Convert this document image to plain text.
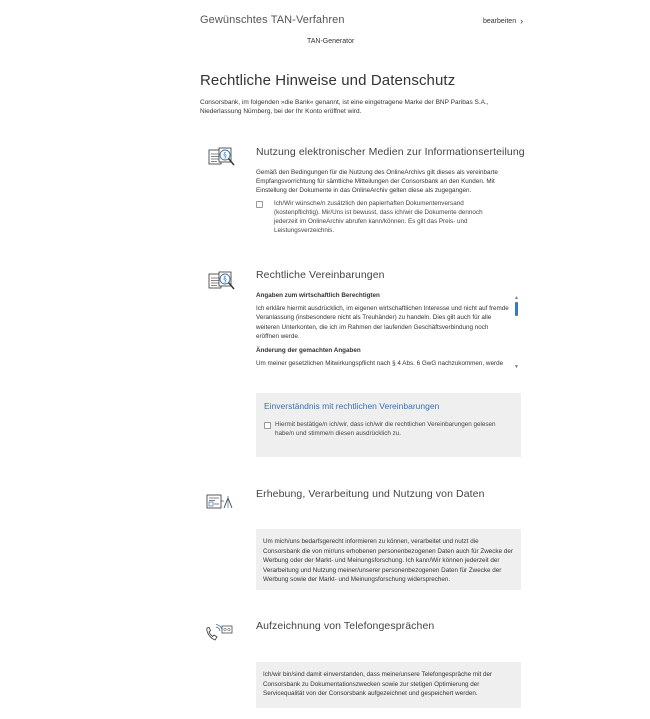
Gewünschtes TAN-Verfahren	bearbeiten ›
TAN-Generator
Rechtliche Hinweise und Datenschutz
Consorsbank, im folgenden »die Bank« genannt, ist eine eingetragene Marke der BNP Paribas S.A., Niederlassung Nürnberg, bei der Ihr Konto eröffnet wird.
§	Nutzung elektronischer Medien zur Informationserteilung
Gemäß den Bedingungen für die Nutzung des OnlineArchivs gilt dieses als vereinbarte Empfangsvorrichtung für sämtliche Mitteilungen der Consorsbank an den Kunden. Mit Einstellung der Dokumente in das OnlineArchiv gelten diese als zugegangen.
Ich/Wir wünsche/n zusätzlich den papierhaften Dokumentenversand (kostenpflichtig). Mir/Uns ist bewusst, dass ich/wir die Dokumente dennoch jederzeit im OnlineArchiv abrufen kann/können. Es gilt das Preis- und Leistungsverzeichnis.
§	Rechtliche Vereinbarungen
Angaben zum wirtschaftlich Berechtigten

Ich erkläre hiermit ausdrücklich, im eigenen wirtschaftlichen Interesse und nicht auf fremde Veranlassung (insbesondere nicht als Treuhänder) zu handeln. Dies gilt auch für alle weiteren Unterkonten, die ich im Rahmen der laufenden Geschäftsverbindung noch eröffnen werde.

Änderung der gemachten Angaben

Um meiner gesetzlichen Mitwirkungspflicht nach § 4 Abs. 6 GwG nachzukommen, werde

▲
▼
Einverständnis mit rechtlichen Vereinbarungen
Hiermit bestätige/n ich/wir, dass ich/wir die rechtlichen Vereinbarungen gelesen habe/n und stimme/n diesen ausdrücklich zu.
Erhebung, Verarbeitung und Nutzung von Daten
Um mich/uns bedarfsgerecht informieren zu können, verarbeitet und nutzt die Consorsbank die von mir/uns erhobenen personenbezogenen Daten auch für Zwecke der Werbung oder der Markt- und Meinungsforschung. Ich kann/Wir können jederzeit der Verarbeitung und Nutzung meiner/unserer personenbezogenen Daten für Zwecke der Werbung sowie der Markt- und Meinungsforschung widersprechen.
Aufzeichnung von Telefongesprächen
Ich/wir bin/sind damit einverstanden, dass meine/unsere Telefongespräche mit der Consorsbank zu Dokumentationszwecken sowie zur stetigen Optimierung der Servicequalität von der Consorsbank aufgezeichnet und gespeichert werden.
